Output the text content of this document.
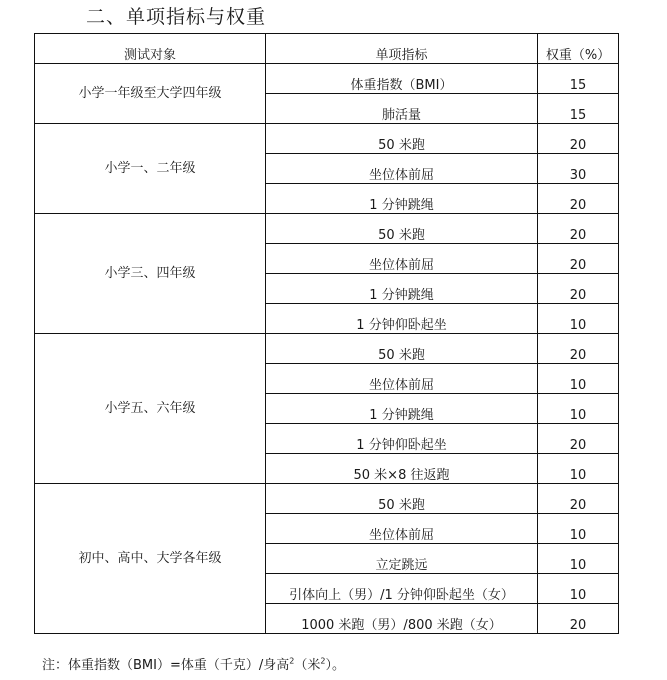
二、单项指标与权重
测试对象	单项指标	权重（%）
小学一年级至大学四年级	体重指数（BMI）	15
	肺活量	15
小学一、二年级	50 米跑	20
	坐位体前屈	30
	1 分钟跳绳	20
小学三、四年级	50 米跑	20
	坐位体前屈	20
	1 分钟跳绳	20
	1 分钟仰卧起坐	10
小学五、六年级	50 米跑	20
	坐位体前屈	10
	1 分钟跳绳	10
	1 分钟仰卧起坐	20
	50 米×8 往返跑	10
初中、高中、大学各年级	50 米跑	20
	坐位体前屈	10
	立定跳远	10
	引体向上（男）/1 分钟仰卧起坐（女）	10
	1000 米跑（男）/800 米跑（女）	20
注：体重指数（BMI）=体重（千克）/身高$^2$（米$^2$）。
